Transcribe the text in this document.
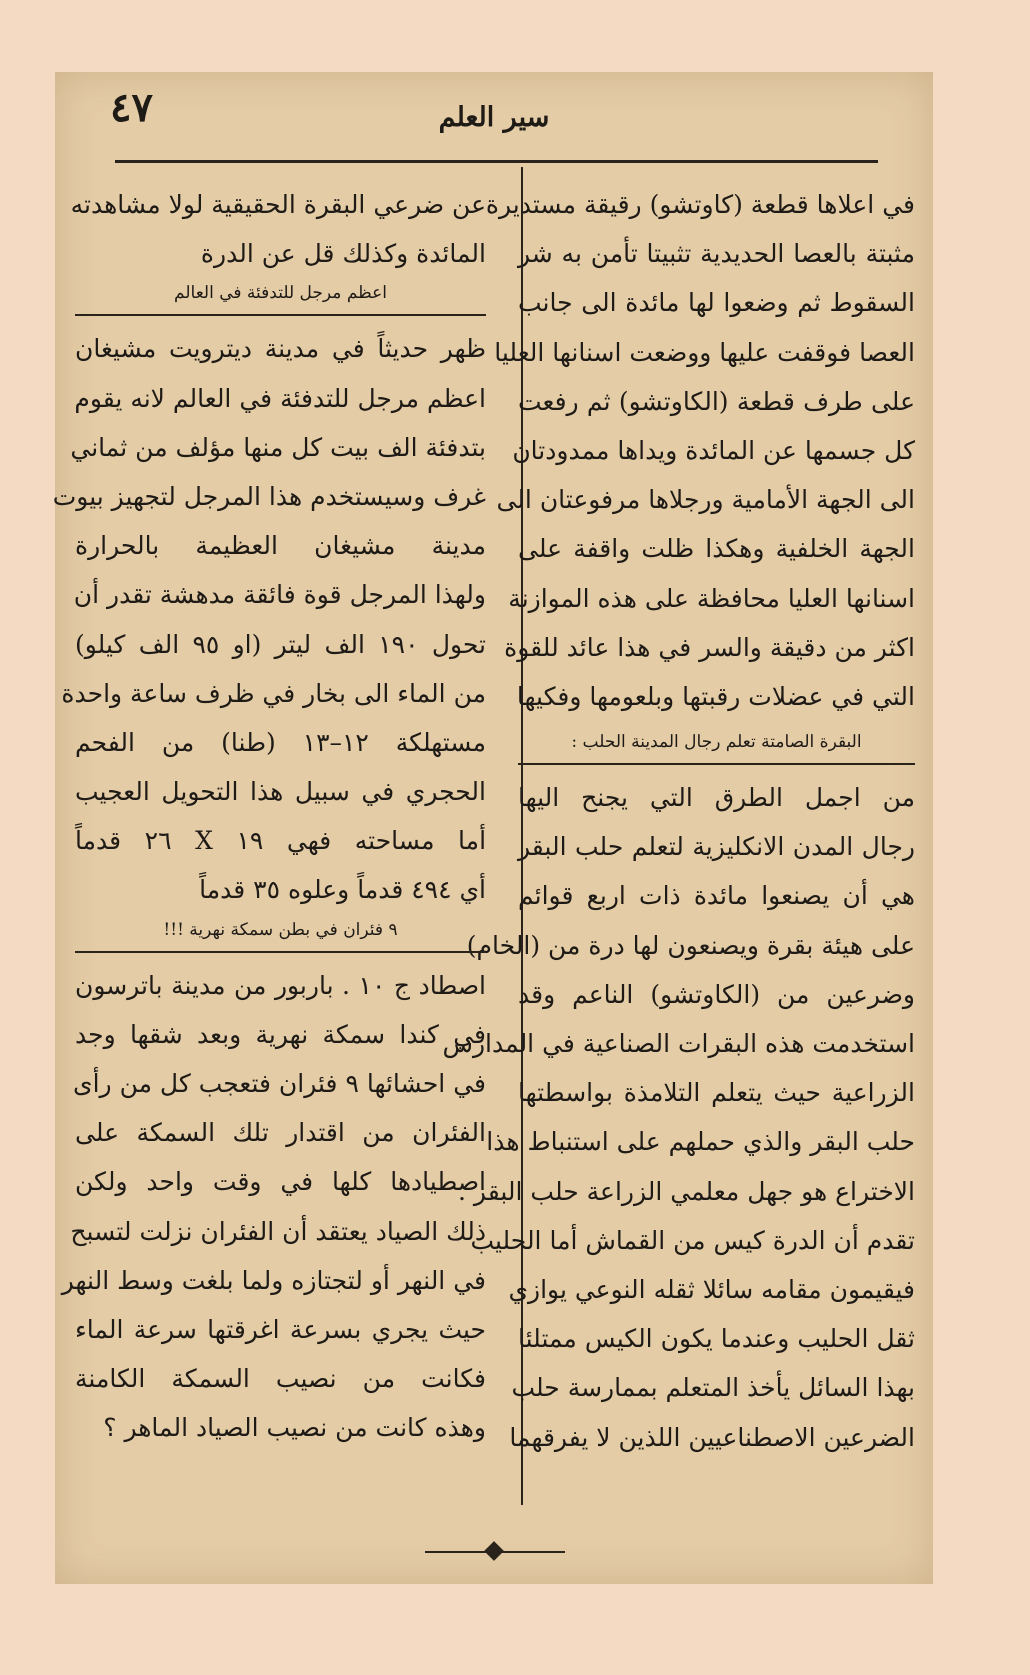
٤٧	سير العلم
في اعلاها قطعة (كاوتشو) رقيقة مستديرة
مثبتة بالعصا الحديدية تثبيتا تأمن به شر
السقوط ثم وضعوا لها مائدة الى جانب
العصا فوقفت عليها ووضعت اسنانها العليا
على طرف قطعة (الكاوتشو) ثم رفعت
كل جسمها عن المائدة ويداها ممدودتان
الى الجهة الأمامية ورجلاها مرفوعتان الى
الجهة الخلفية وهكذا ظلت واقفة على
اسنانها العليا محافظة على هذه الموازنة
اكثر من دقيقة والسر في هذا عائد للقوة
التي في عضلات رقبتها وبلعومها وفكيها
البقرة الصامتة تعلم رجال المدينة الحلب :
من اجمل الطرق التي يجنح اليها
رجال المدن الانكليزية لتعلم حلب البقر
هي أن يصنعوا مائدة ذات اربع قوائم
على هيئة بقرة ويصنعون لها درة من (الخام)
وضرعين من (الكاوتشو) الناعم وقد
استخدمت هذه البقرات الصناعية في المدارس
الزراعية حيث يتعلم التلامذة بواسطتها
حلب البقر والذي حملهم على استنباط هذا
الاختراع هو جهل معلمي الزراعة حلب البقر .
تقدم أن الدرة كيس من القماش أما الحليب
فيقيمون مقامه سائلا ثقله النوعي يوازي
ثقل الحليب وعندما يكون الكيس ممتلئا
بهذا السائل يأخذ المتعلم بممارسة حلب
الضرعين الاصطناعيين اللذين لا يفرقهما
عن ضرعي البقرة الحقيقية لولا مشاهدته
المائدة وكذلك قل عن الدرة
اعظم مرجل للتدفئة في العالم
ظهر حديثاً في مدينة ديترويت مشيغان
اعظم مرجل للتدفئة في العالم لانه يقوم
بتدفئة الف بيت كل منها مؤلف من ثماني
غرف وسيستخدم هذا المرجل لتجهيز بيوت
مدينة مشيغان العظيمة بالحرارة
ولهذا المرجل قوة فائقة مدهشة تقدر أن
تحول ١٩٠ الف ليتر (او ٩٥ الف كيلو)
من الماء الى بخار في ظرف ساعة واحدة
مستهلكة ١٢–١٣ (طنا) من الفحم
الحجري في سبيل هذا التحويل العجيب
أما مساحته فهي ١٩ X ٢٦ قدماً
أي ٤٩٤ قدماً وعلوه ٣٥ قدماً
٩ فئران في بطن سمكة نهرية !!!
اصطاد ج ١٠ . باربور من مدينة باترسون
في كندا سمكة نهرية وبعد شقها وجد
في احشائها ٩ فئران فتعجب كل من رأى
الفئران من اقتدار تلك السمكة على
اصطيادها كلها في وقت واحد ولكن
ذلك الصياد يعتقد أن الفئران نزلت لتسبح
في النهر أو لتجتازه ولما بلغت وسط النهر
حيث يجري بسرعة اغرقتها سرعة الماء
فكانت من نصيب السمكة الكامنة
وهذه كانت من نصيب الصياد الماهر ؟
